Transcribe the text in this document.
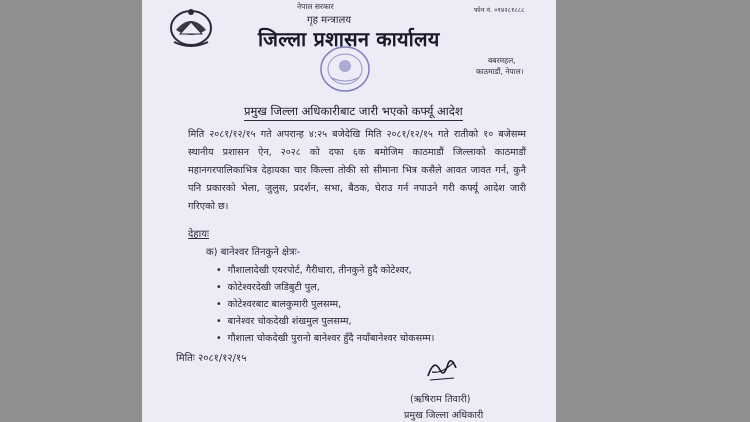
नेपाल सरकार
गृह मन्त्रालय
फोन नं. ०१४२८१८८८
जिल्ला प्रशासन कार्यालय
बबरमहल,
काठमाडौं, नेपाल।
प्रमुख जिल्ला अधिकारीबाट जारी भएको कर्फ्यू आदेश

मिति २०८१/१२/१५ गते अपरान्ह ४:२५ बजेदेखि मिति २०८१/१२/१५ गते रातीको १० बजेसम्म स्थानीय प्रशासन ऐन, २०२८ को दफा ६क बमोजिम काठमाडौं जिल्लाको काठमाडौं महानगरपालिकाभित्र देहायका चार किल्ला तोकी सो सीमाना भित्र कसैले आवत जावत गर्न, कुनै पनि प्रकारको भेला, जुलुस, प्रदर्शन, सभा, बैठक, घेराउ गर्न नपाउने गरी कर्फ्यू आदेश जारी गरिएको छ।

देहायः
क) बानेश्वर तिनकुने क्षेत्रः-
• गौशालादेखी एयरपोर्ट, गैरीधारा, तीनकुने हुदै कोटेश्वर,
• कोटेश्वरदेखी जडिबुटी पुल,
• कोटेश्वरबाट बालकुमारी पुलसम्म,
• बानेश्वर चोकदेखी शंखमुल पुलसम्म,
• गौशाला चोकदेखी पुरानो बानेश्वर हुँदै नयाँबानेश्वर चोकसम्म।
मितिः २०८१/१२/१५
(ऋषिराम तिवारी)
प्रमुख जिल्ला अधिकारी
